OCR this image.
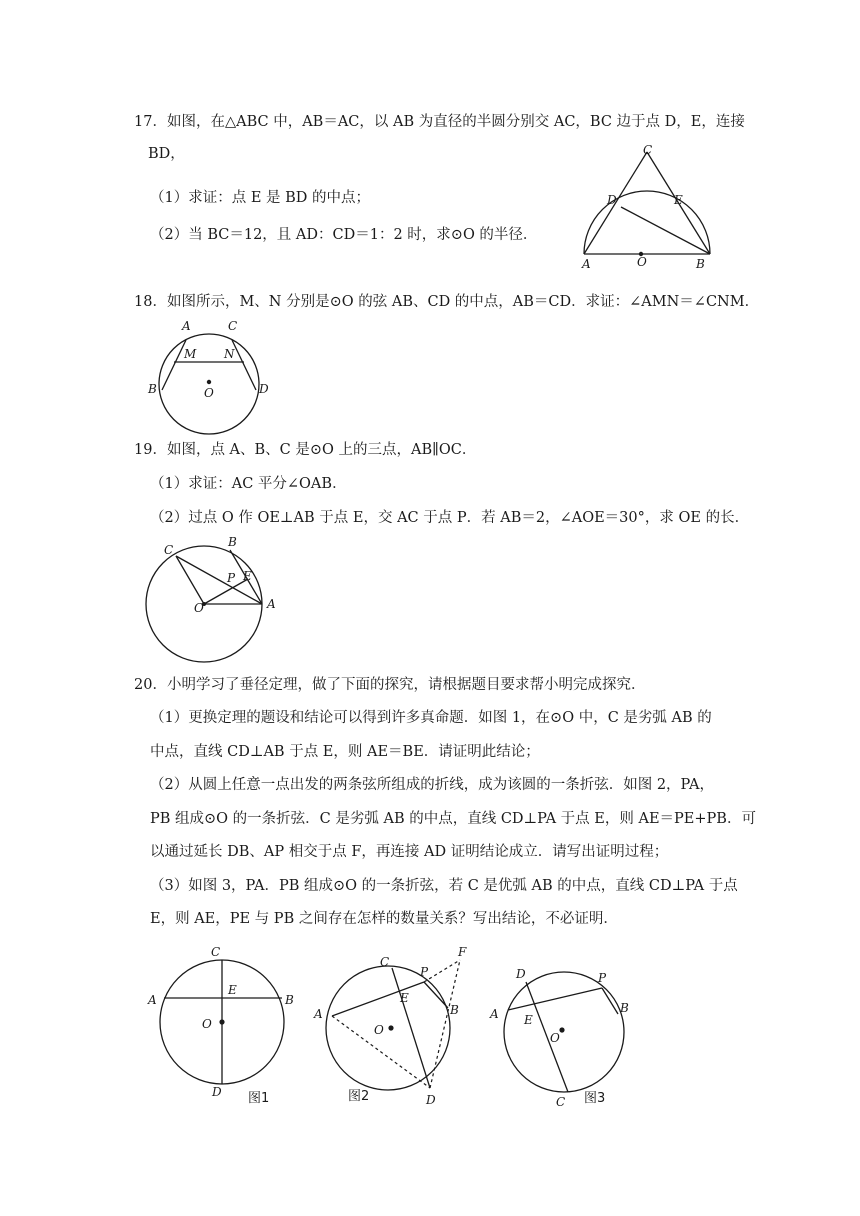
17．如图，在△ABC 中，AB＝AC，以 AB 为直径的半圆分别交 AC，BC 边于点 D，E，连接
BD，
（1）求证：点 E 是 BD 的中点；
（2）当 BC＝12，且 AD：CD＝1：2 时，求⊙O 的半径．
C
D	E
A	O	B
18．如图所示，M、N 分别是⊙O 的弦 AB、CD 的中点，AB＝CD．求证：∠AMN＝∠CNM．
A	C
M N
B	D
O
19．如图，点 A、B、C 是⊙O 上的三点，AB∥OC．
（1）求证：AC 平分∠OAB．
（2）过点 O 作 OE⊥AB 于点 E，交 AC 于点 P．若 AB＝2，∠AOE＝30°，求 OE 的长．
C
B
P E
O	A
20．小明学习了垂径定理，做了下面的探究，请根据题目要求帮小明完成探究．
（1）更换定理的题设和结论可以得到许多真命题．如图 1，在⊙O 中，C 是劣弧 AB 的
中点，直线 CD⊥AB 于点 E，则 AE＝BE．请证明此结论；
（2）从圆上任意一点出发的两条弦所组成的折线，成为该圆的一条折弦．如图 2，PA，
PB 组成⊙O 的一条折弦．C 是劣弧 AB 的中点，直线 CD⊥PA 于点 E，则 AE＝PE+PB．可
以通过延长 DB、AP 相交于点 F，再连接 AD 证明结论成立．请写出证明过程；
（3）如图 3，PA．PB 组成⊙O 的一条折弦，若 C 是优弧 AB 的中点，直线 CD⊥PA 于点
E，则 AE，PE 与 PB 之间存在怎样的数量关系？写出结论，不必证明．
C
A
E
B
O
D 图1
C
P
F
E
A	B
O
D
图2
D	P
A E
B
O
C 图3
